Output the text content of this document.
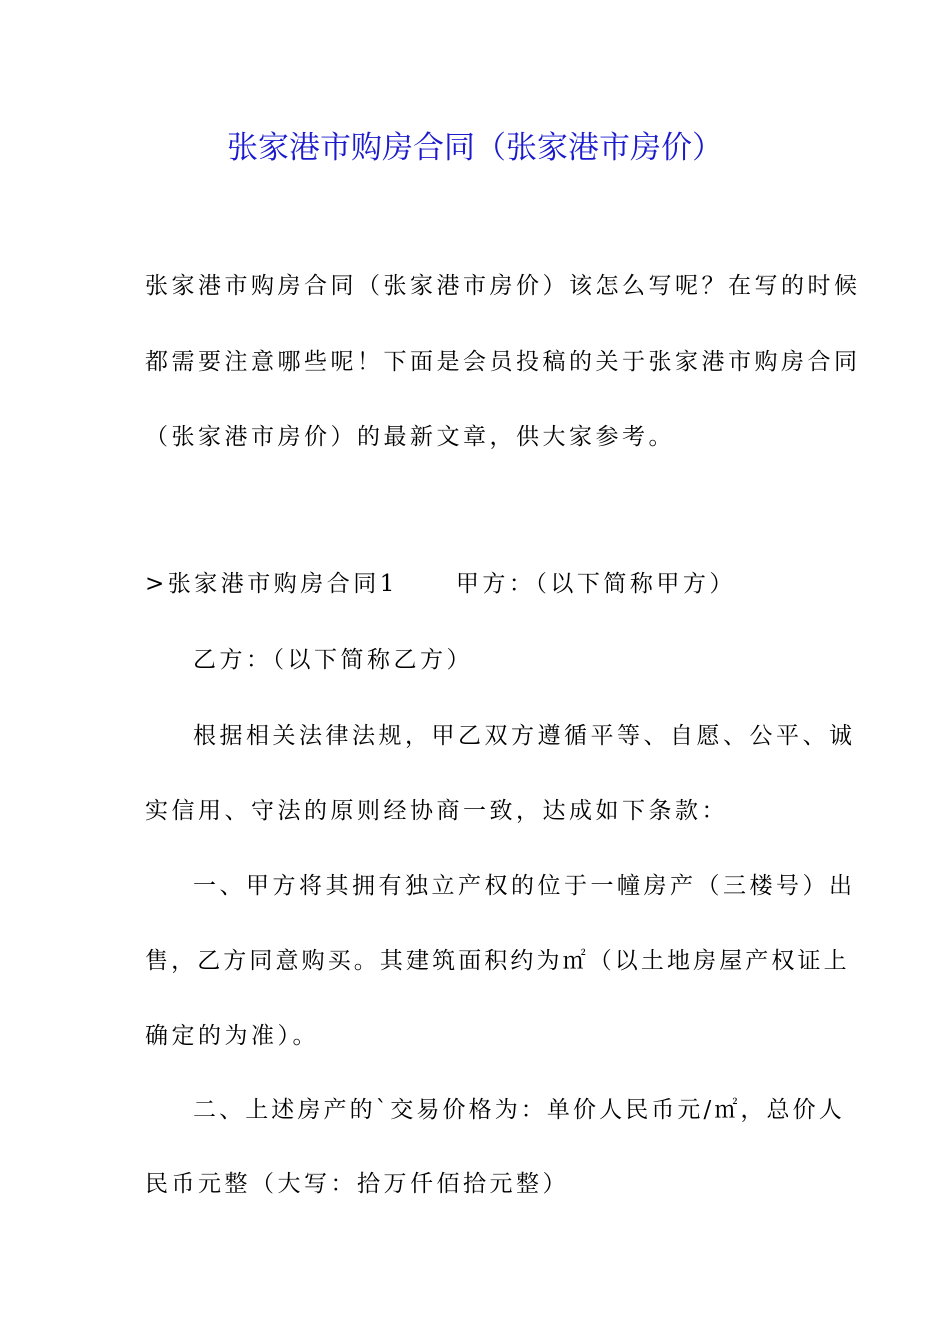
张家港市购房合同（张家港市房价）
张家港市购房合同（张家港市房价）该怎么写呢？在写的时候
都需要注意哪些呢！下面是会员投稿的关于张家港市购房合同
（张家港市房价）的最新文章，供大家参考。
>张家港市购房合同1	甲方：（以下简称甲方）
乙方：（以下简称乙方）
根据相关法律法规，甲乙双方遵循平等、自愿、公平、诚
实信用、守法的原则经协商一致，达成如下条款：
一、甲方将其拥有独立产权的位于一幢房产（三楼号）出
售，乙方同意购买。其建筑面积约为㎡（以土地房屋产权证上
确定的为准）。
二、上述房产的`交易价格为：单价人民币元/㎡，总价人
民币元整（大写：拾万仟佰拾元整）
